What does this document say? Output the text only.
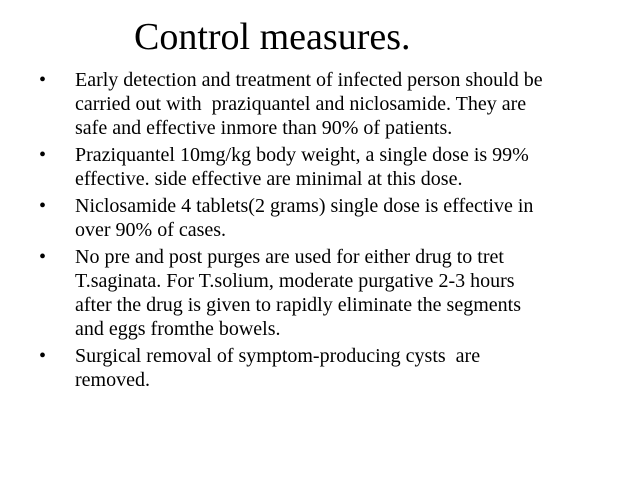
Control measures.
• Early detection and treatment of infected person should be
carried out with  praziquantel and niclosamide. They are
safe and effective inmore than 90% of patients.
• Praziquantel 10mg/kg body weight, a single dose is 99%
effective. side effective are minimal at this dose.
• Niclosamide 4 tablets(2 grams) single dose is effective in
over 90% of cases.
• No pre and post purges are used for either drug to tret
T.saginata. For T.solium, moderate purgative 2-3 hours
after the drug is given to rapidly eliminate the segments
and eggs fromthe bowels.
• Surgical removal of symptom-producing cysts  are
removed.
